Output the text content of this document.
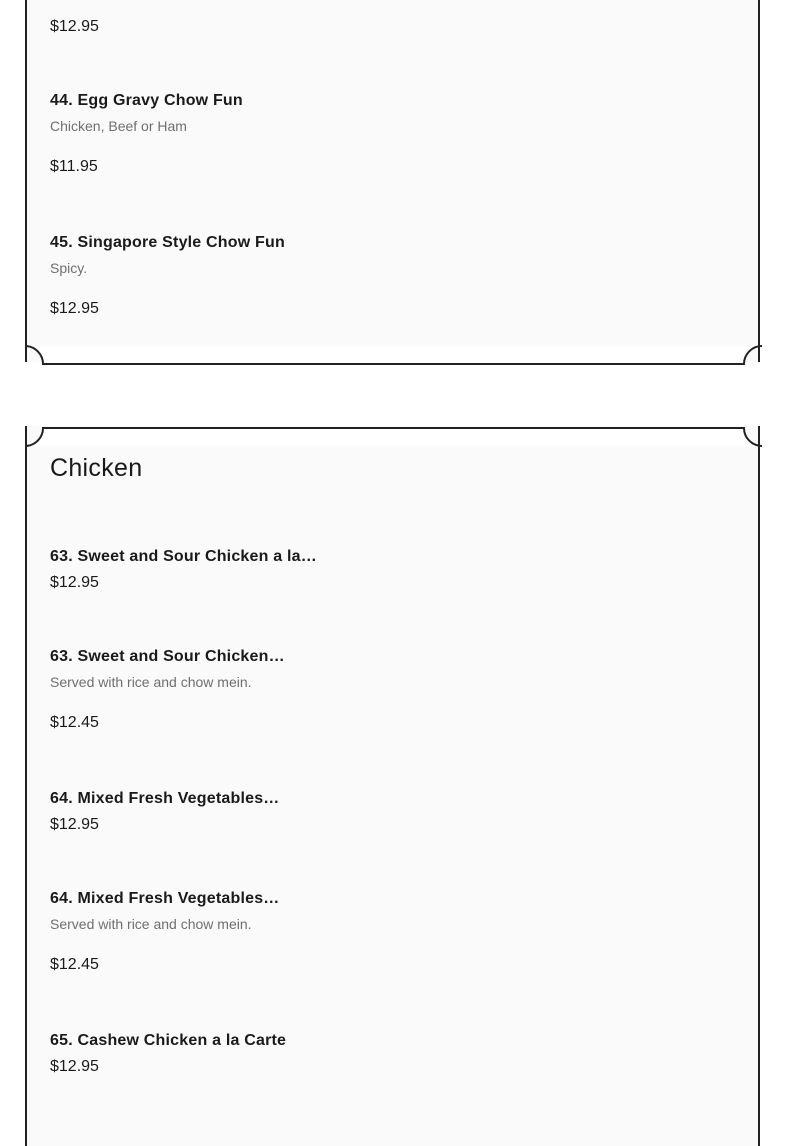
$12.95
44. Egg Gravy Chow Fun
Chicken, Beef or Ham
$11.95
45. Singapore Style Chow Fun
Spicy.
$12.95
Chicken
63. Sweet and Sour Chicken a la…
$12.95
63. Sweet and Sour Chicken…
Served with rice and chow mein.
$12.45
64. Mixed Fresh Vegetables…
$12.95
64. Mixed Fresh Vegetables…
Served with rice and chow mein.
$12.45
65. Cashew Chicken a la Carte
$12.95
